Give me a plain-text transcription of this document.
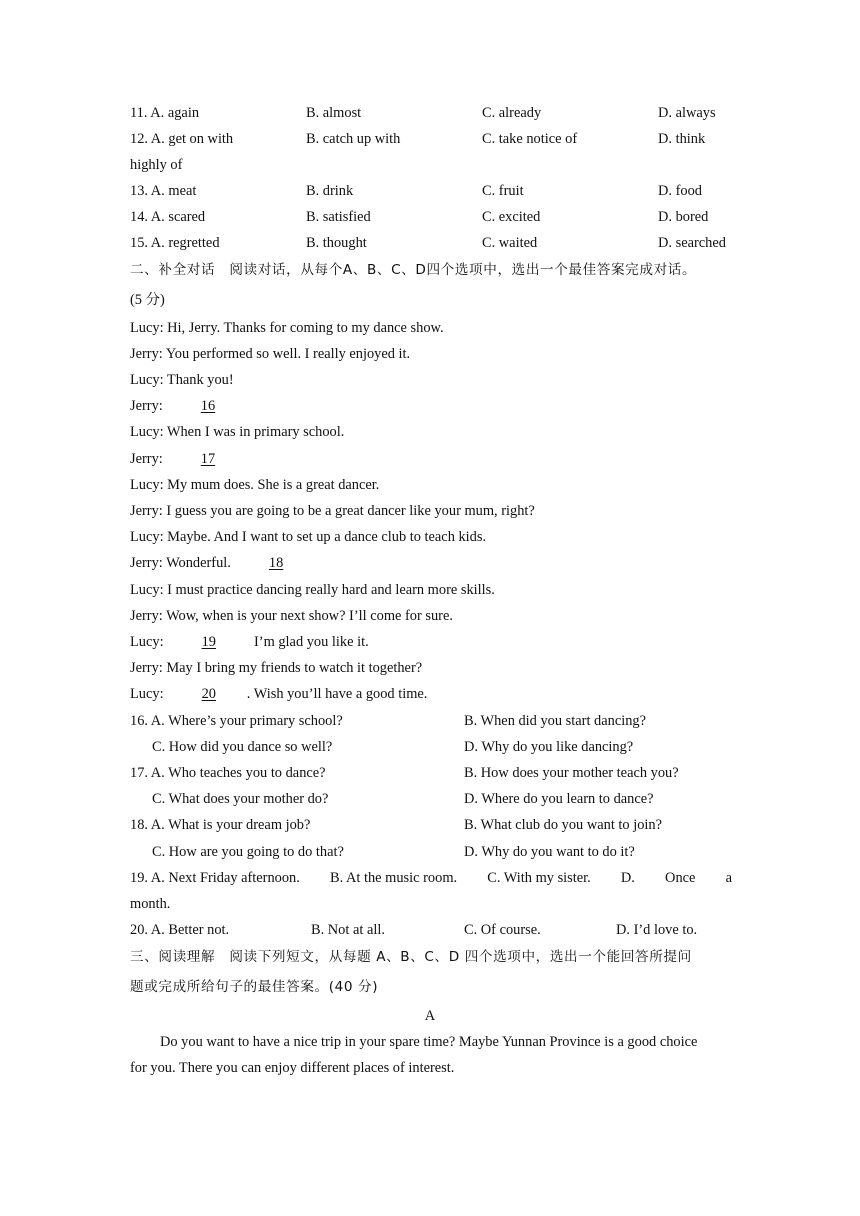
11. A. again	B. almost	C. already	D. always
12. A. get on with	B. catch up with	C. take notice of	D. think
highly of
13. A. meat	B. drink	C. fruit	D. food
14. A. scared	B. satisfied	C. excited	D. bored
15. A. regretted	B. thought	C. waited	D. searched
二、补全对话　阅读对话，从每个A、B、C、D四个选项中，选出一个最佳答案完成对话。
(5 分)
Lucy: Hi, Jerry. Thanks for coming to my dance show.
Jerry: You performed so well. I really enjoyed it.
Lucy: Thank you!
Jerry:	16
Lucy: When I was in primary school.
Jerry:	17
Lucy: My mum does. She is a great dancer.
Jerry: I guess you are going to be a great dancer like your mum, right?
Lucy: Maybe. And I want to set up a dance club to teach kids.
Jerry: Wonderful.	18
Lucy: I must practice dancing really hard and learn more skills.
Jerry: Wow, when is your next show? I’ll come for sure.
Lucy:	19	I’m glad you like it.
Jerry: May I bring my friends to watch it together?
Lucy:	20 . Wish you’ll have a good time.
16. A. Where’s your primary school?	B. When did you start dancing?
C. How did you dance so well?	D. Why do you like dancing?
17. A. Who teaches you to dance?	B. How does your mother teach you?
C. What does your mother do?	D. Where do you learn to dance?
18. A. What is your dream job?	B. What club do you want to join?
C. How are you going to do that?	D. Why do you want to do it?
19. A. Next Friday afternoon. B. At the music room. C. With my sister. D. Once a
month.
20. A. Better not.	B. Not at all.	C. Of course.	D. I’d love to.
三、阅读理解　阅读下列短文，从每题 A、B、C、D 四个选项中，选出一个能回答所提问
题或完成所给句子的最佳答案。(40 分)
A
Do you want to have a nice trip in your spare time? Maybe Yunnan Province is a good choice
for you. There you can enjoy different places of interest.
